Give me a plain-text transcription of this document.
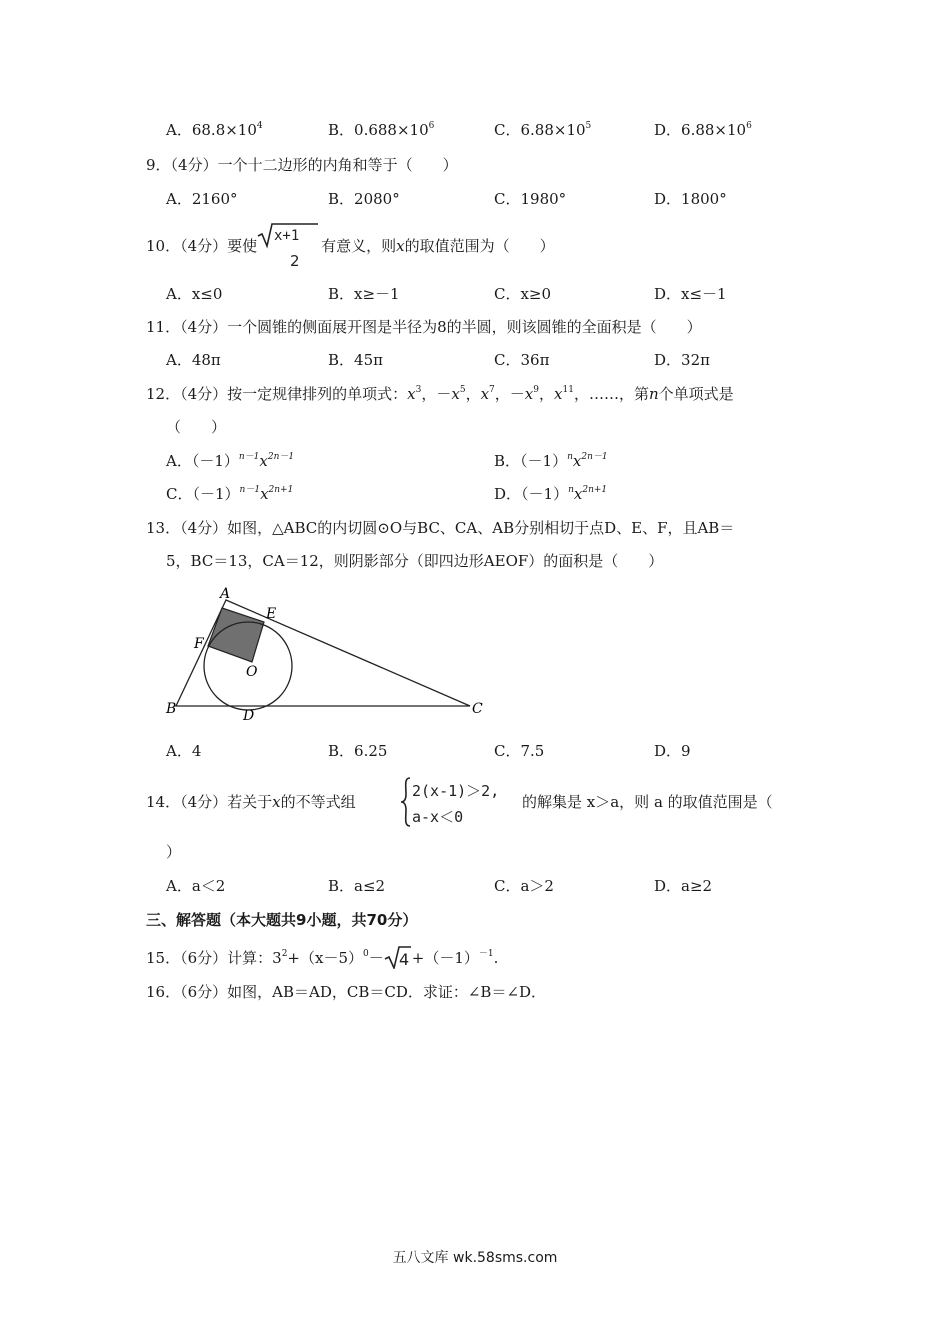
A．$68.8\times 10^4$	B．$0.688\times 10^6$	C．$6.88\times 10^5$	D．$6.88\times 10^6$
9．（4分）一个十二边形的内角和等于（　　）
A．2160°	B．2080°	C．1980°	D．1800°
10．（4分）要使	有意义，则x的取值范围为（　　）
x+1
2
A．x≤0	B．x≥－1	C．x≥0	D．x≤－1
11．（4分）一个圆锥的侧面展开图是半径为8的半圆，则该圆锥的全面积是（　　）
A．48π	B．45π	C．36π	D．32π
12．（4分）按一定规律排列的单项式：$x^3$，$-x^5$，$x^7$，$-x^9$，$x^{11}$，……，第n个单项式是
（　　）
A．$(-1)^{n-1}x^{2n-1}$	B．$(-1)^nx^{2n-1}$
C．$(-1)^{n-1}x^{2n+1}$	D．$(-1)^nx^{2n+1}$
13．（4分）如图，△ABC的内切圆⊙O与BC、CA、AB分别相切于点D、E、F，且AB＝
5，BC＝13，CA＝12，则阴影部分（即四边形AEOF）的面积是（　　）
A
E
F
O
B	D	C
A．4	B．6.25	C．7.5	D．9
14．（4分）若关于x的不等式组
2(x-1)＞2,
a-x＜0
的解集是 x＞a，则 a 的取值范围是（
）
A．a＜2	B．a≤2	C．a＞2	D．a≥2
三、解答题（本大题共9小题，共70分）
15．（6分）计算：$3^2+(x-5)^0- 4 +(-1)^{-1}$.
16．（6分）如图，AB＝AD，CB＝CD．求证：∠B＝∠D．
五八文库 wk.58sms.com
